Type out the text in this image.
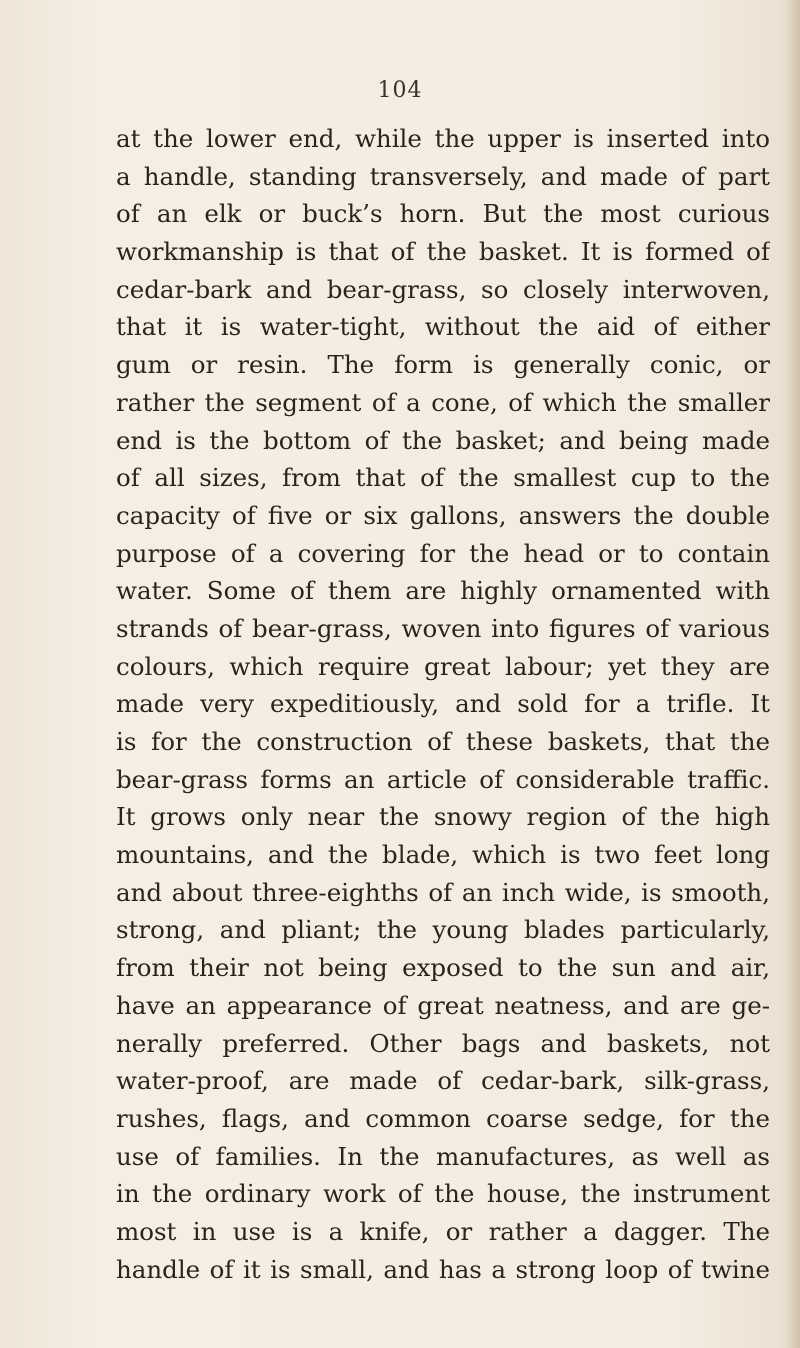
104
at the lower end, while the upper is inserted into
a handle, standing transversely, and made of part
of an elk or buck’s horn. But the most curious
workmanship is that of the basket. It is formed of
cedar-bark and bear-grass, so closely interwoven,
that it is water-tight, without the aid of either
gum or resin. The form is generally conic, or
rather the segment of a cone, of which the smaller
end is the bottom of the basket; and being made
of all sizes, from that of the smallest cup to the
capacity of five or six gallons, answers the double
purpose of a covering for the head or to contain
water. Some of them are highly ornamented with
strands of bear-grass, woven into figures of various
colours, which require great labour; yet they are
made very expeditiously, and sold for a trifle. It
is for the construction of these baskets, that the
bear-grass forms an article of considerable traffic.
It grows only near the snowy region of the high
mountains, and the blade, which is two feet long
and about three-eighths of an inch wide, is smooth,
strong, and pliant; the young blades particularly,
from their not being exposed to the sun and air,
have an appearance of great neatness, and are ge-
nerally preferred. Other bags and baskets, not
water-proof, are made of cedar-bark, silk-grass,
rushes, flags, and common coarse sedge, for the
use of families. In the manufactures, as well as
in the ordinary work of the house, the instrument
most in use is a knife, or rather a dagger. The
handle of it is small, and has a strong loop of twine
